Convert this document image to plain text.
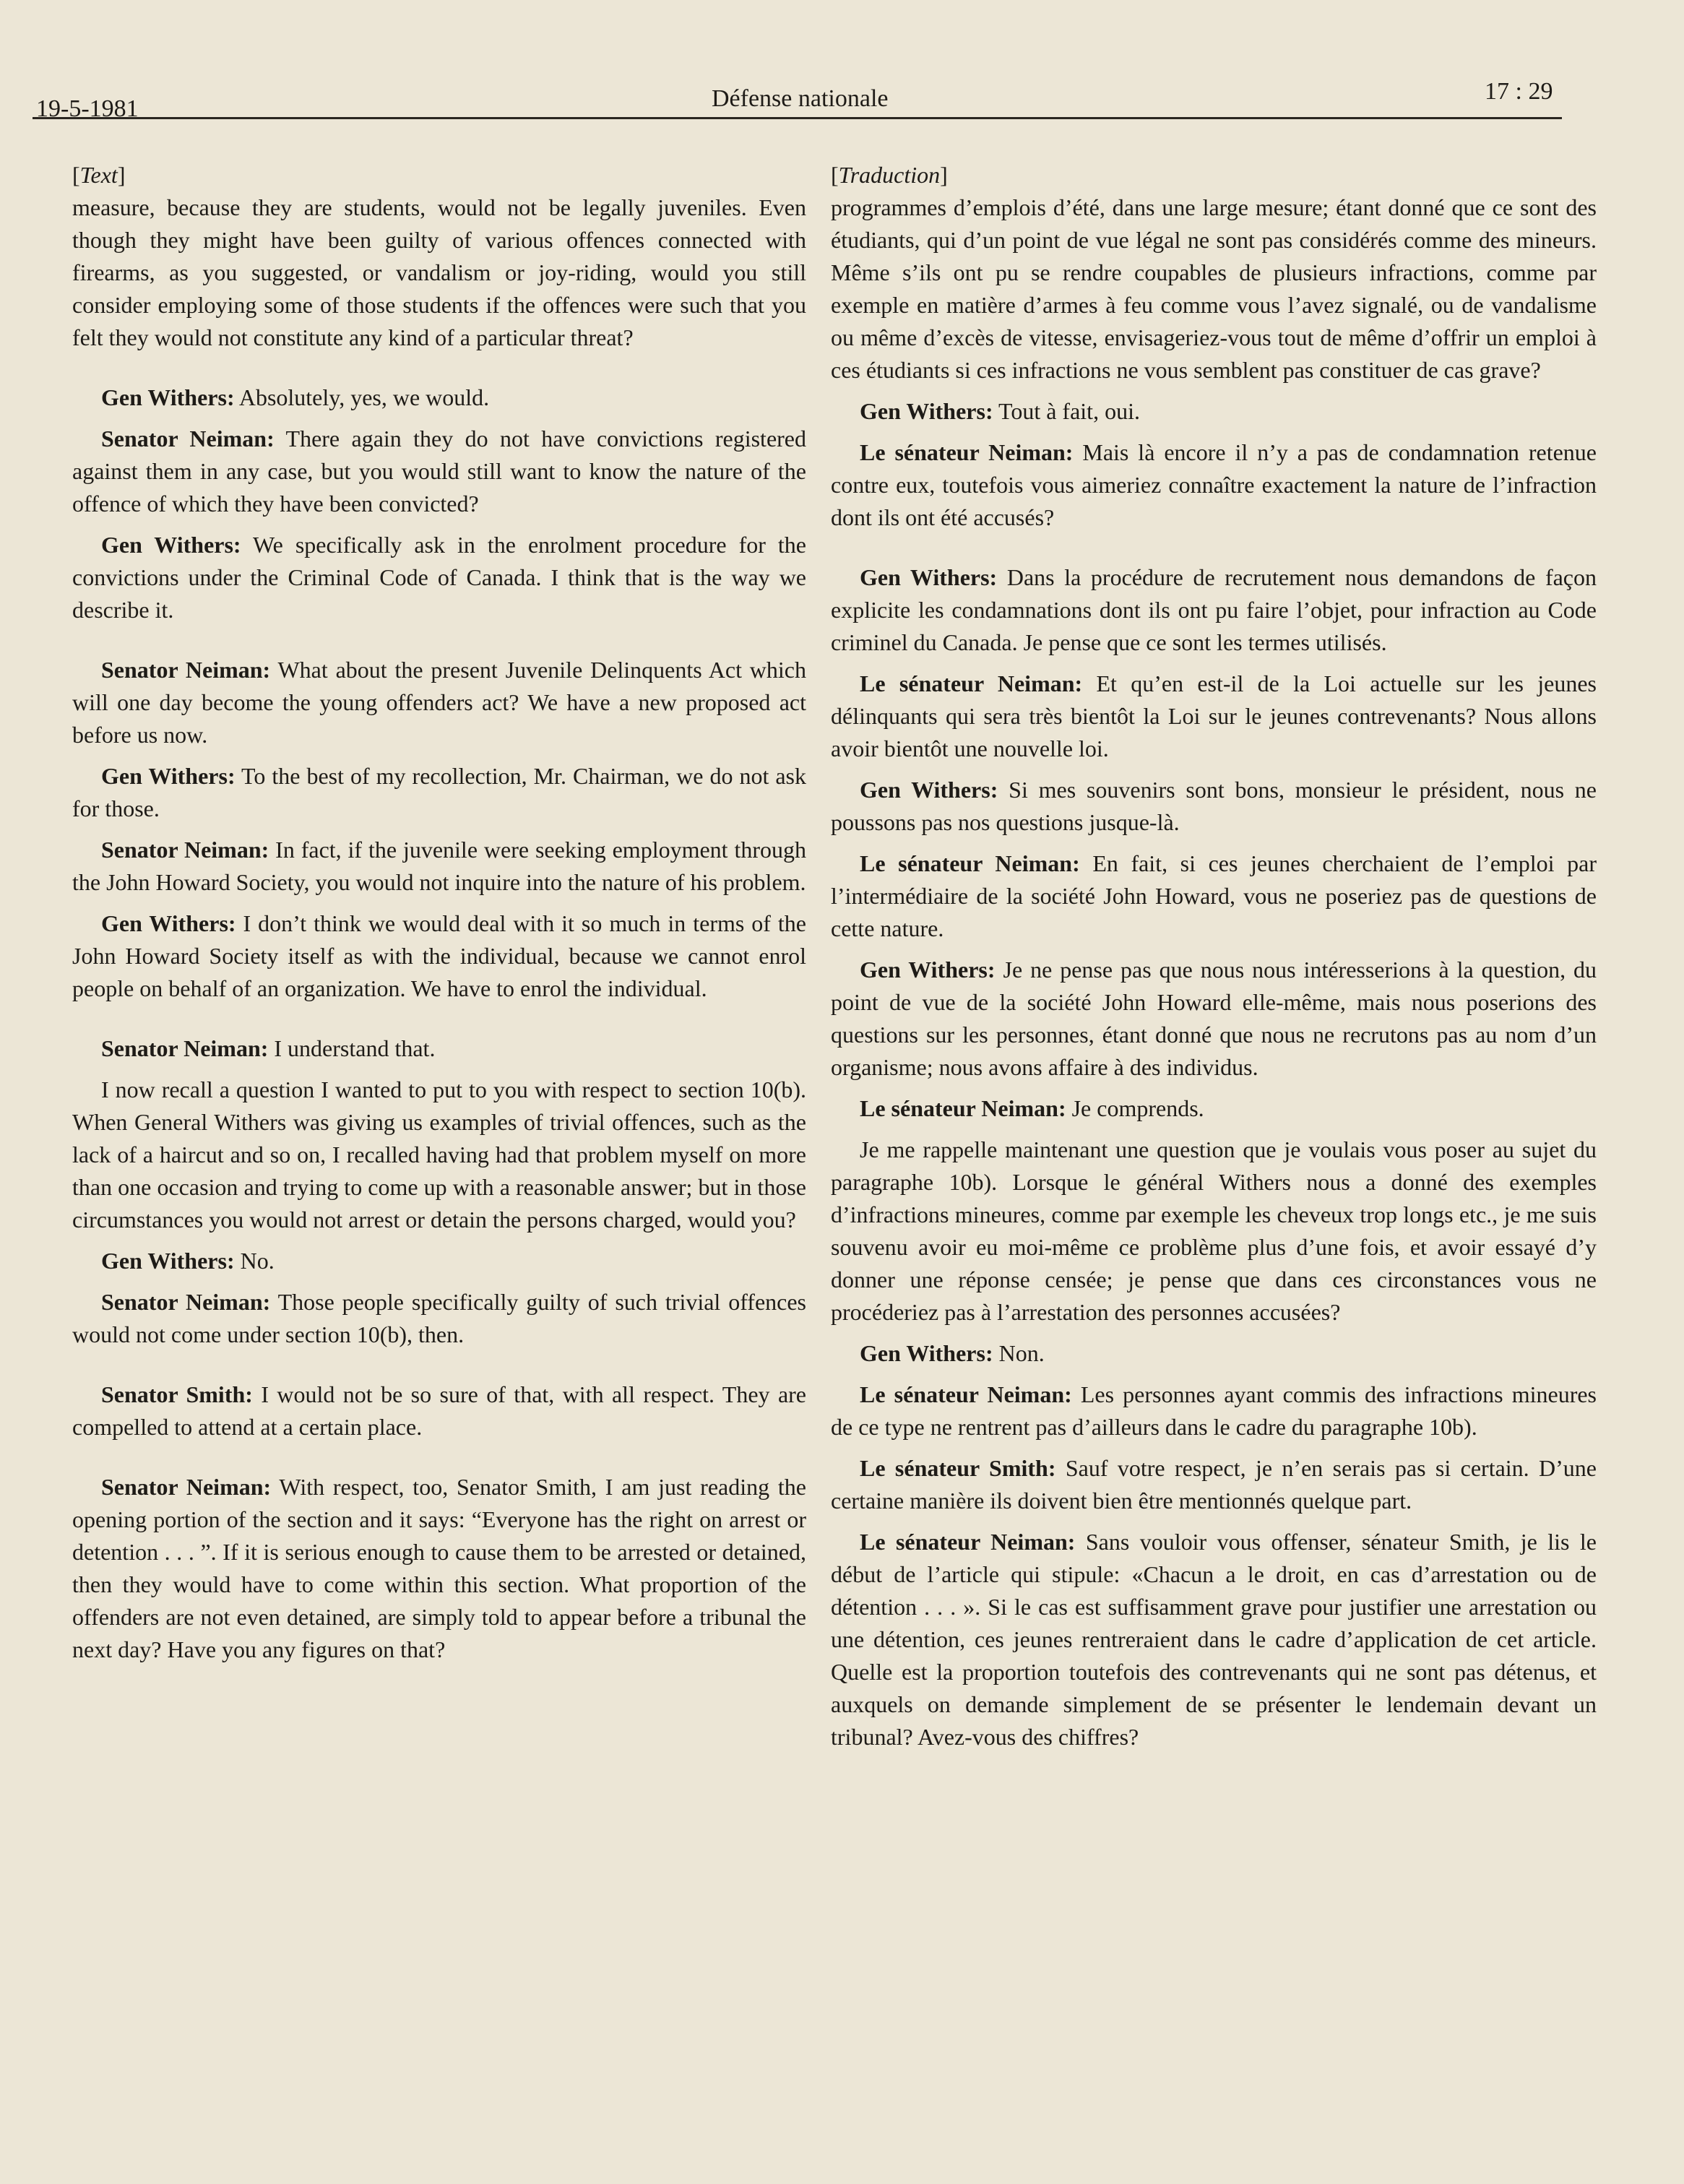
19-5-1981	Défense nationale	17 : 29

[Text]

measure, because they are students, would not be legally juveniles. Even though they might have been guilty of various offences connected with firearms, as you suggested, or vandalism or joy-riding, would you still consider employing some of those students if the offences were such that you felt they would not constitute any kind of a particular threat?

Gen Withers: Absolutely, yes, we would.

Senator Neiman: There again they do not have convictions registered against them in any case, but you would still want to know the nature of the offence of which they have been convicted?

Gen Withers: We specifically ask in the enrolment procedure for the convictions under the Criminal Code of Canada. I think that is the way we describe it.

Senator Neiman: What about the present Juvenile Delinquents Act which will one day become the young offenders act? We have a new proposed act before us now.

Gen Withers: To the best of my recollection, Mr. Chairman, we do not ask for those.

Senator Neiman: In fact, if the juvenile were seeking employment through the John Howard Society, you would not inquire into the nature of his problem.

Gen Withers: I don’t think we would deal with it so much in terms of the John Howard Society itself as with the individual, because we cannot enrol people on behalf of an organization. We have to enrol the individual.

Senator Neiman: I understand that.

I now recall a question I wanted to put to you with respect to section 10(b). When General Withers was giving us examples of trivial offences, such as the lack of a haircut and so on, I recalled having had that problem myself on more than one occasion and trying to come up with a reasonable answer; but in those circumstances you would not arrest or detain the persons charged, would you?

Gen Withers: No.

Senator Neiman: Those people specifically guilty of such trivial offences would not come under section 10(b), then.

Senator Smith: I would not be so sure of that, with all respect. They are compelled to attend at a certain place.

Senator Neiman: With respect, too, Senator Smith, I am just reading the opening portion of the section and it says: “Everyone has the right on arrest or detention . . . ”. If it is serious enough to cause them to be arrested or detained, then they would have to come within this section. What proportion of the offenders are not even detained, are simply told to appear before a tribunal the next day? Have you any figures on that?

[Traduction]

programmes d’emplois d’été, dans une large mesure; étant donné que ce sont des étudiants, qui d’un point de vue légal ne sont pas considérés comme des mineurs. Même s’ils ont pu se rendre coupables de plusieurs infractions, comme par exemple en matière d’armes à feu comme vous l’avez signalé, ou de vandalisme ou même d’excès de vitesse, envisageriez-vous tout de même d’offrir un emploi à ces étudiants si ces infractions ne vous semblent pas constituer de cas grave?

Gen Withers: Tout à fait, oui.

Le sénateur Neiman: Mais là encore il n’y a pas de condamnation retenue contre eux, toutefois vous aimeriez connaître exactement la nature de l’infraction dont ils ont été accusés?

Gen Withers: Dans la procédure de recrutement nous demandons de façon explicite les condamnations dont ils ont pu faire l’objet, pour infraction au Code criminel du Canada. Je pense que ce sont les termes utilisés.

Le sénateur Neiman: Et qu’en est-il de la Loi actuelle sur les jeunes délinquants qui sera très bientôt la Loi sur le jeunes contrevenants? Nous allons avoir bientôt une nouvelle loi.

Gen Withers: Si mes souvenirs sont bons, monsieur le président, nous ne poussons pas nos questions jusque-là.

Le sénateur Neiman: En fait, si ces jeunes cherchaient de l’emploi par l’intermédiaire de la société John Howard, vous ne poseriez pas de questions de cette nature.

Gen Withers: Je ne pense pas que nous nous intéresserions à la question, du point de vue de la société John Howard elle-même, mais nous poserions des questions sur les personnes, étant donné que nous ne recrutons pas au nom d’un organisme; nous avons affaire à des individus.

Le sénateur Neiman: Je comprends.

Je me rappelle maintenant une question que je voulais vous poser au sujet du paragraphe 10b). Lorsque le général Withers nous a donné des exemples d’infractions mineures, comme par exemple les cheveux trop longs etc., je me suis souvenu avoir eu moi-même ce problème plus d’une fois, et avoir essayé d’y donner une réponse censée; je pense que dans ces circonstances vous ne procéderiez pas à l’arrestation des personnes accusées?

Gen Withers: Non.

Le sénateur Neiman: Les personnes ayant commis des infractions mineures de ce type ne rentrent pas d’ailleurs dans le cadre du paragraphe 10b).

Le sénateur Smith: Sauf votre respect, je n’en serais pas si certain. D’une certaine manière ils doivent bien être mentionnés quelque part.

Le sénateur Neiman: Sans vouloir vous offenser, sénateur Smith, je lis le début de l’article qui stipule: «Chacun a le droit, en cas d’arrestation ou de détention . . . ». Si le cas est suffisamment grave pour justifier une arrestation ou une détention, ces jeunes rentreraient dans le cadre d’application de cet article. Quelle est la proportion toutefois des contrevenants qui ne sont pas détenus, et auxquels on demande simplement de se présenter le lendemain devant un tribunal? Avez-vous des chiffres?
